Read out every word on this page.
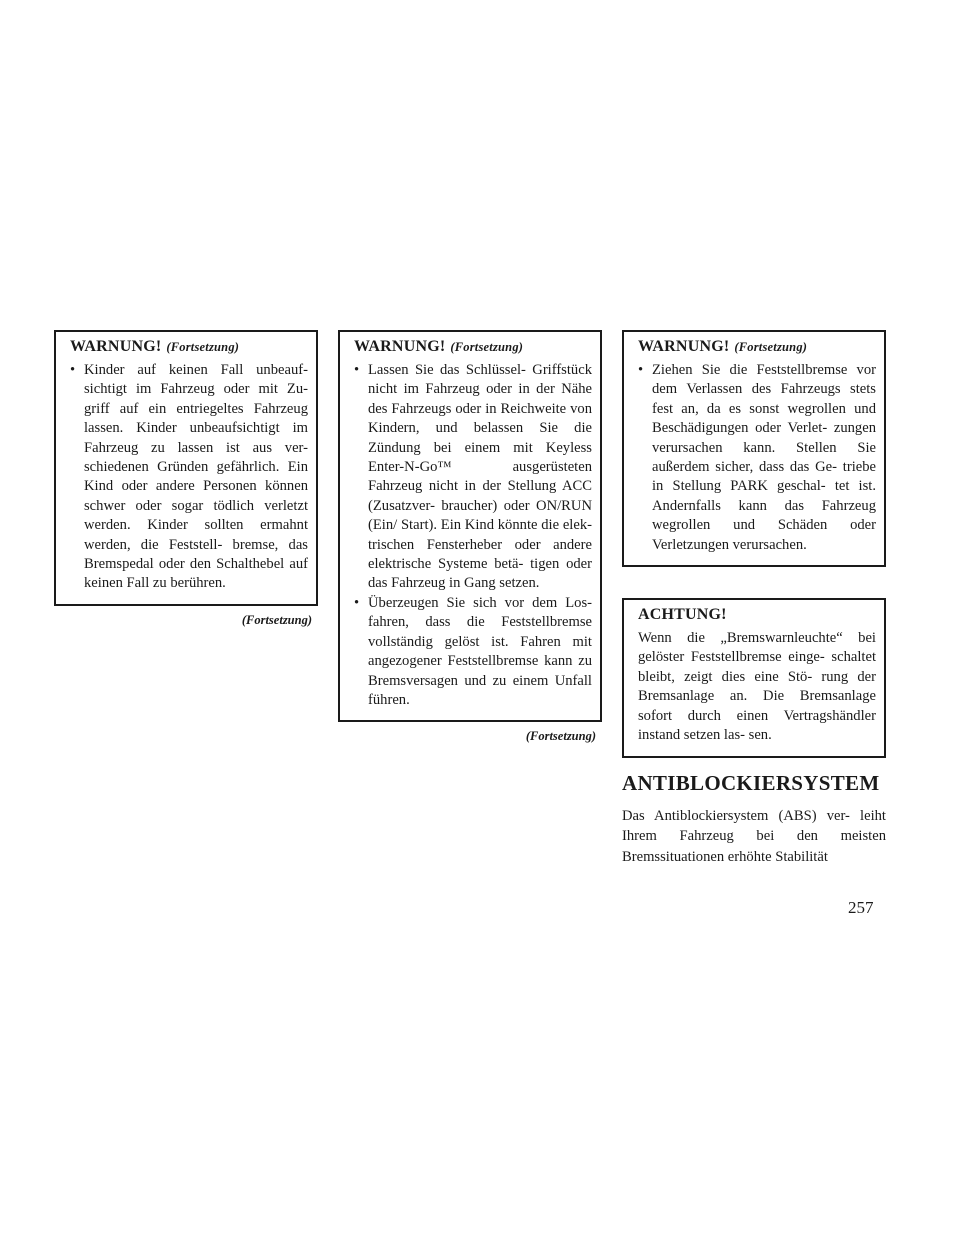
WARNUNG! (Fortsetzung)
• Kinder auf keinen Fall unbeauf- sichtigt im Fahrzeug oder mit Zu- griff auf ein entriegeltes Fahrzeug lassen. Kinder unbeaufsichtigt im Fahrzeug zu lassen ist aus ver- schiedenen Gründen gefährlich. Ein Kind oder andere Personen können schwer oder sogar tödlich verletzt werden. Kinder sollten ermahnt werden, die Feststell- bremse, das Bremspedal oder den Schalthebel auf keinen Fall zu berühren.
(Fortsetzung)
WARNUNG! (Fortsetzung)
• Lassen Sie das Schlüssel- Griffstück nicht im Fahrzeug oder in der Nähe des Fahrzeugs oder in Reichweite von Kindern, und belassen Sie die Zündung bei einem mit Keyless Enter-N-Go™ ausgerüsteten Fahrzeug nicht in der Stellung ACC (Zusatzver- braucher) oder ON/RUN (Ein/ Start). Ein Kind könnte die elek- trischen Fensterheber oder andere elektrische Systeme betä- tigen oder das Fahrzeug in Gang setzen.
• Überzeugen Sie sich vor dem Los- fahren, dass die Feststellbremse vollständig gelöst ist. Fahren mit angezogener Feststellbremse kann zu Bremsversagen und zu einem Unfall führen.
(Fortsetzung)
WARNUNG! (Fortsetzung)
• Ziehen Sie die Feststellbremse vor dem Verlassen des Fahrzeugs stets fest an, da es sonst wegrollen und Beschädigungen oder Verlet- zungen verursachen kann. Stellen Sie außerdem sicher, dass das Ge- triebe in Stellung PARK geschal- tet ist. Andernfalls kann das Fahrzeug wegrollen und Schäden oder Verletzungen verursachen.
ACHTUNG!
Wenn die „Bremswarnleuchte“ bei gelöster Feststellbremse einge- schaltet bleibt, zeigt dies eine Stö- rung der Bremsanlage an. Die Bremsanlage sofort durch einen Vertragshändler instand setzen las- sen.
ANTIBLOCKIERSYSTEM
Das Antiblockiersystem (ABS) ver- leiht Ihrem Fahrzeug bei den meisten Bremssituationen erhöhte Stabilität
257
